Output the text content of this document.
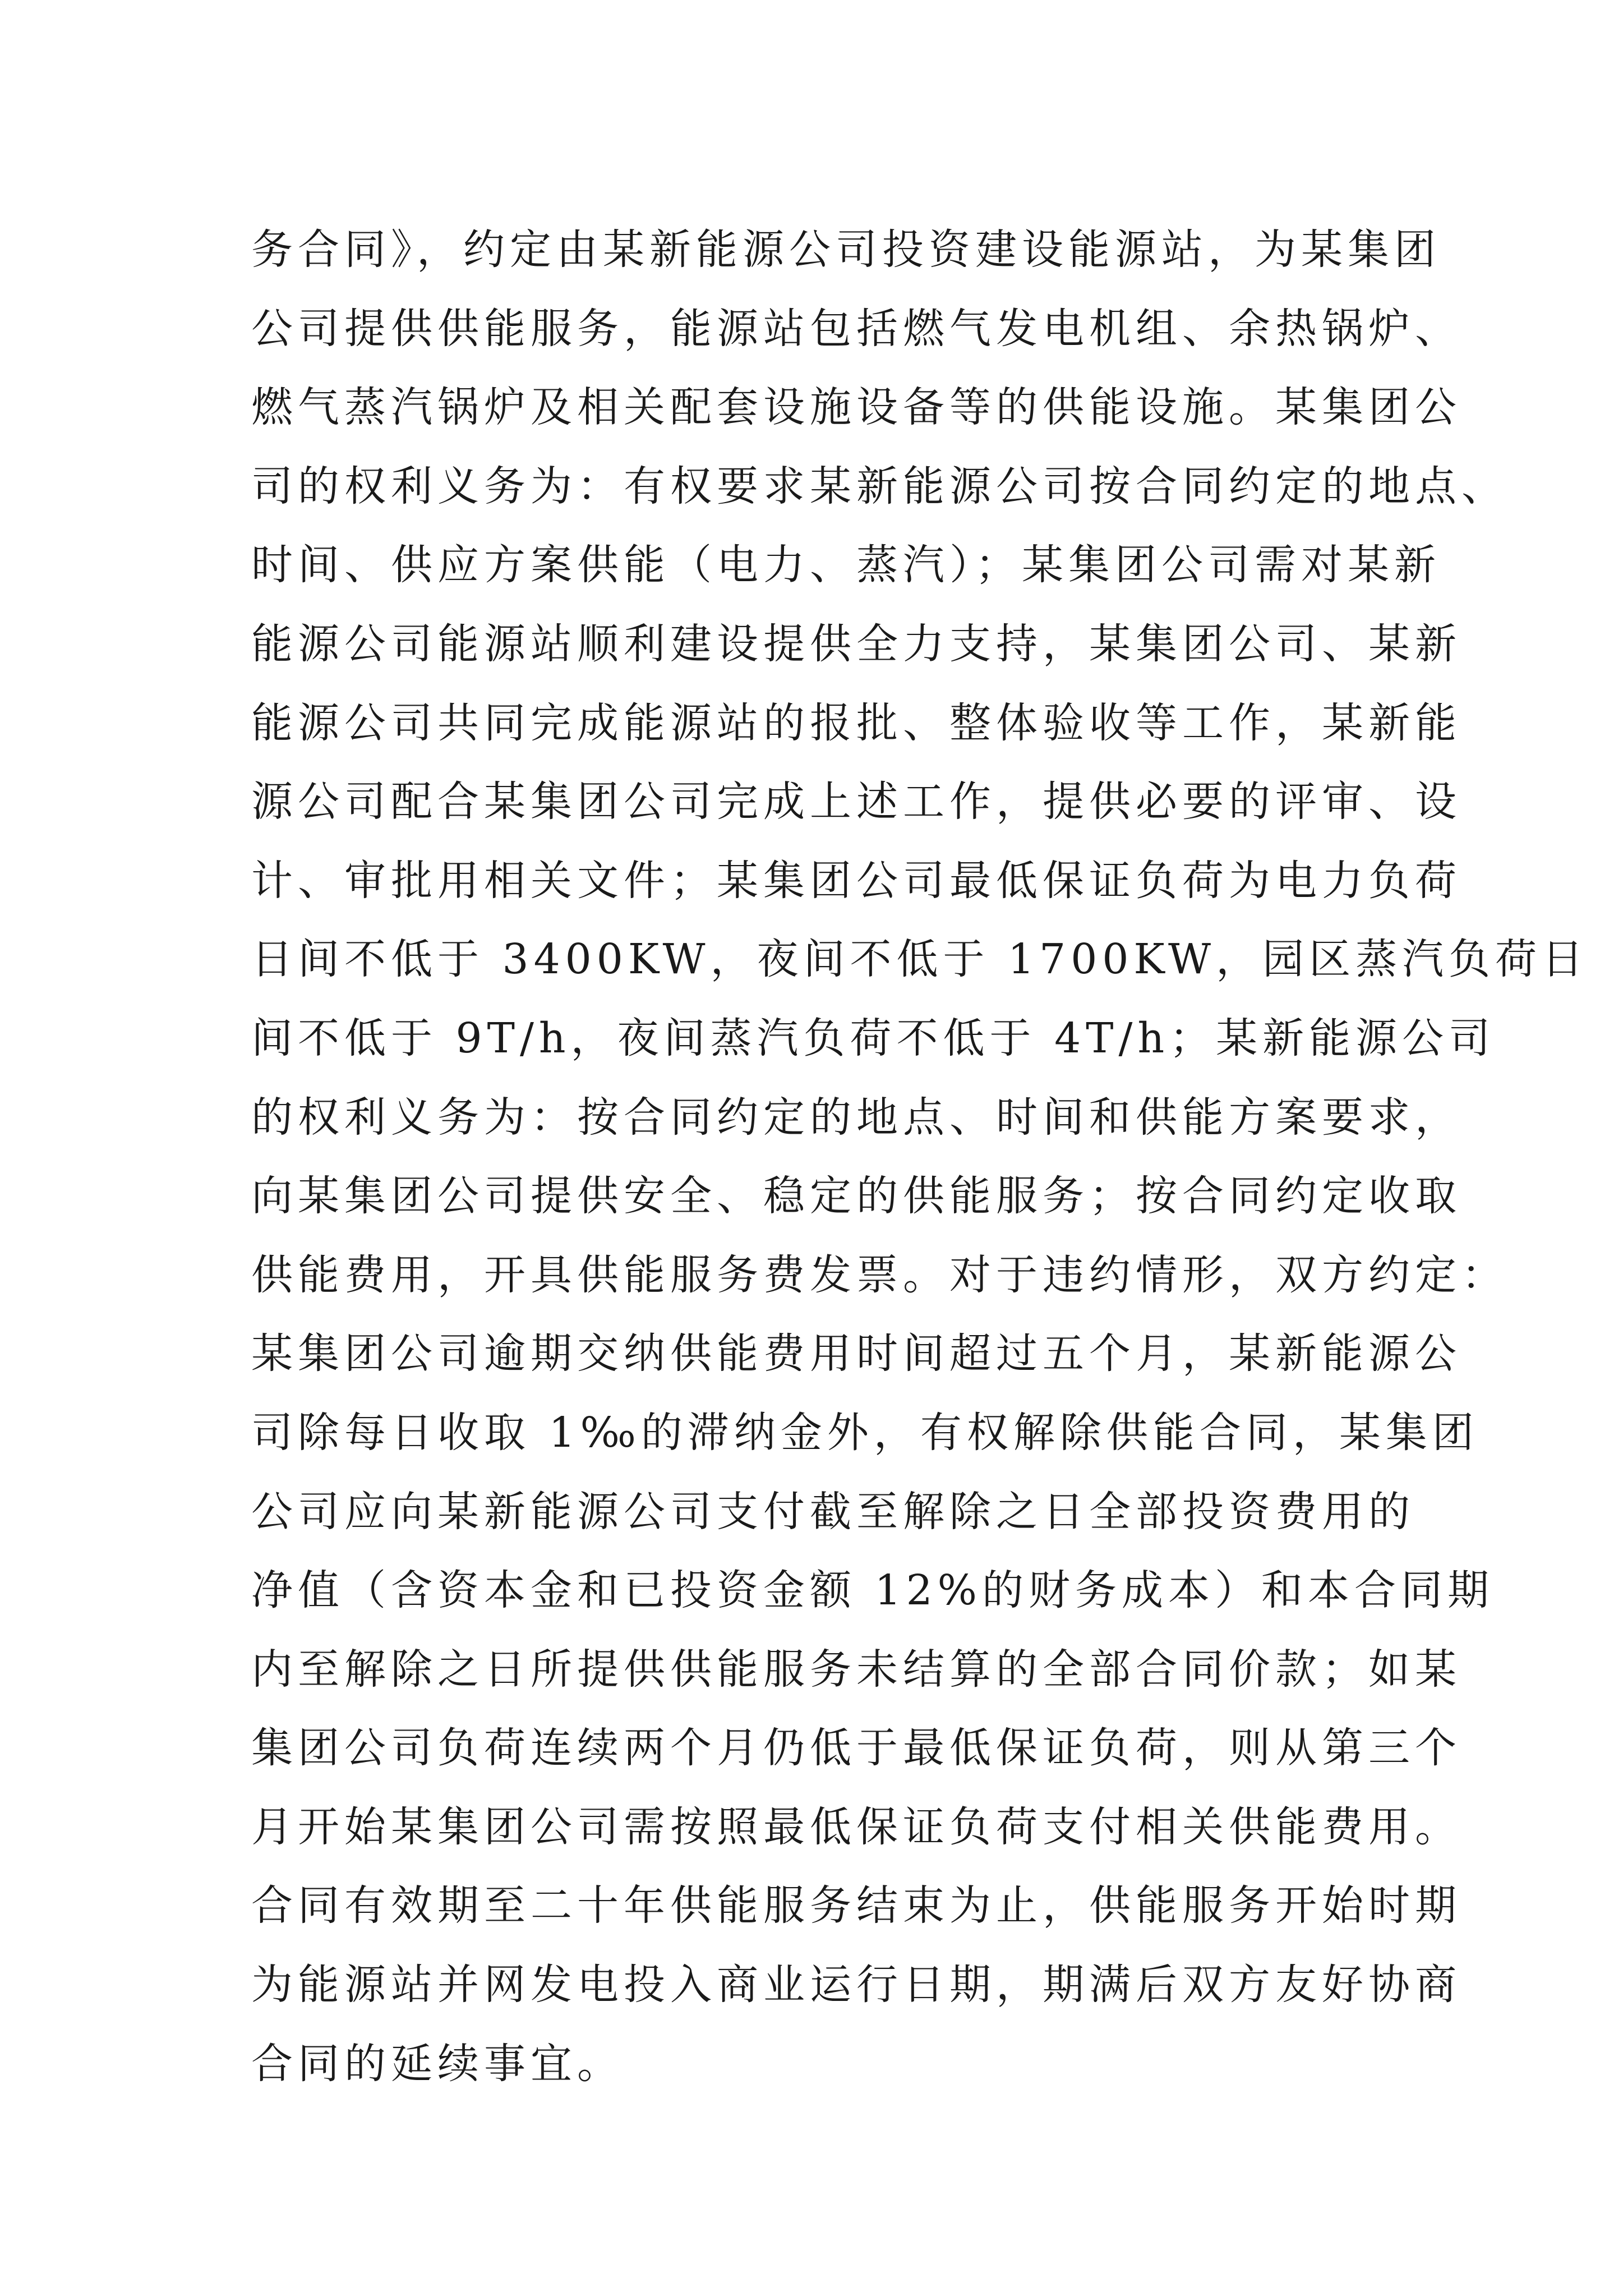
务合同》，约定由某新能源公司投资建设能源站，为某集团
公司提供供能服务，能源站包括燃气发电机组、余热锅炉、
燃气蒸汽锅炉及相关配套设施设备等的供能设施。某集团公
司的权利义务为：有权要求某新能源公司按合同约定的地点、
时间、供应方案供能（电力、蒸汽）；某集团公司需对某新
能源公司能源站顺利建设提供全力支持，某集团公司、某新
能源公司共同完成能源站的报批、整体验收等工作，某新能
源公司配合某集团公司完成上述工作，提供必要的评审、设
计、审批用相关文件；某集团公司最低保证负荷为电力负荷
日间不低于 3400KW，夜间不低于 1700KW，园区蒸汽负荷日
间不低于 9T/h，夜间蒸汽负荷不低于 4T/h；某新能源公司
的权利义务为：按合同约定的地点、时间和供能方案要求，
向某集团公司提供安全、稳定的供能服务；按合同约定收取
供能费用，开具供能服务费发票。对于违约情形，双方约定：
某集团公司逾期交纳供能费用时间超过五个月，某新能源公
司除每日收取 1‰的滞纳金外，有权解除供能合同，某集团
公司应向某新能源公司支付截至解除之日全部投资费用的
净值（含资本金和已投资金额 12%的财务成本）和本合同期
内至解除之日所提供供能服务未结算的全部合同价款；如某
集团公司负荷连续两个月仍低于最低保证负荷，则从第三个
月开始某集团公司需按照最低保证负荷支付相关供能费用。
合同有效期至二十年供能服务结束为止，供能服务开始时期
为能源站并网发电投入商业运行日期，期满后双方友好协商
合同的延续事宜。
